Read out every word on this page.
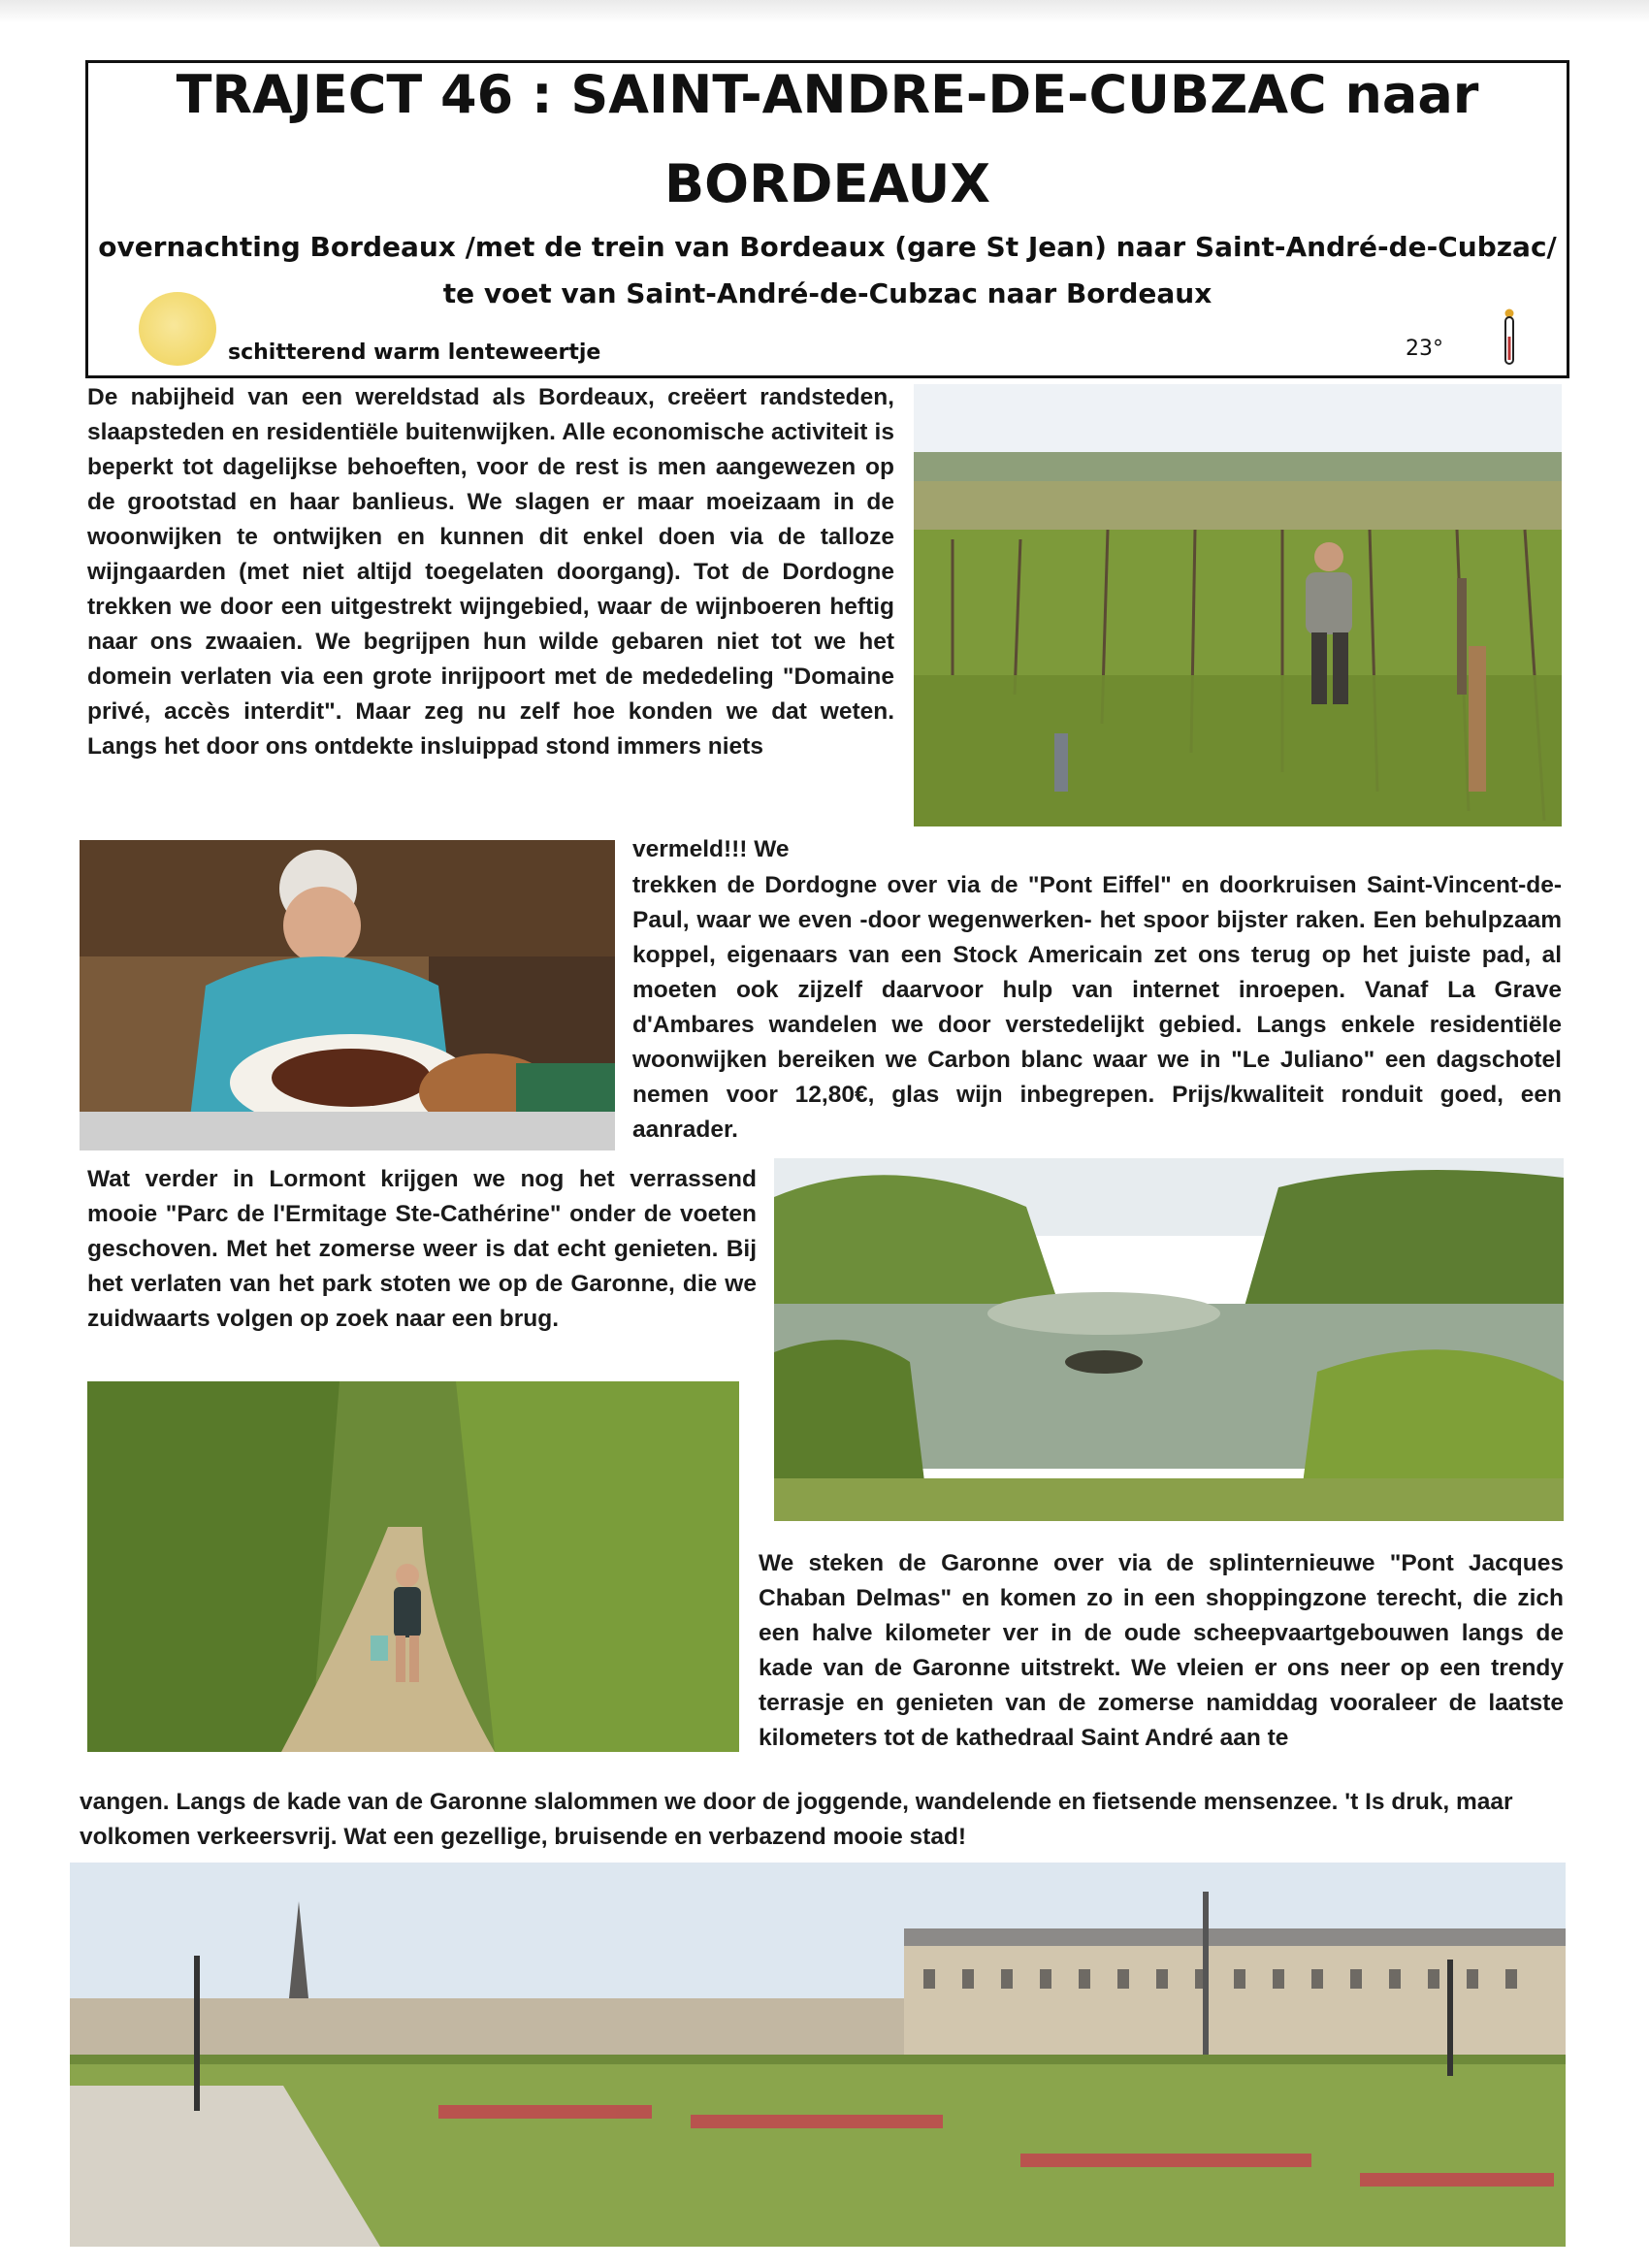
TRAJECT 46 : SAINT-ANDRE-DE-CUBZAC naar
BORDEAUX
overnachting Bordeaux /met de trein van Bordeaux (gare St Jean) naar Saint-André-de-Cubzac/
te voet van Saint-André-de-Cubzac naar Bordeaux
schitterend warm lenteweertje	23°
De nabijheid van een wereldstad als Bordeaux, creëert randsteden, slaapsteden en residentiële buitenwijken. Alle economische activiteit is beperkt tot dagelijkse behoeften, voor de rest is men aangewezen op de grootstad en haar banlieus. We slagen er maar moeizaam in de woonwijken te ontwijken en kunnen dit enkel doen via de talloze wijngaarden (met niet altijd toegelaten doorgang). Tot de Dordogne trekken we door een uitgestrekt wijngebied, waar de wijnboeren heftig naar ons zwaaien. We begrijpen hun wilde gebaren niet tot we het domein verlaten via een grote inrijpoort met de mededeling "Domaine privé, accès interdit". Maar zeg nu zelf hoe konden we dat weten. Langs het door ons ontdekte insluippad stond immers niets
vermeld!!! We
trekken de Dordogne over via de "Pont Eiffel" en doorkruisen Saint-Vincent-de-Paul, waar we even -door wegenwerken- het spoor bijster raken. Een behulpzaam koppel, eigenaars van een Stock Americain zet ons terug op het juiste pad, al moeten ook zijzelf daarvoor hulp van internet inroepen. Vanaf La Grave d'Ambares wandelen we door verstedelijkt gebied. Langs enkele residentiële woonwijken bereiken we Carbon blanc waar we in "Le Juliano" een dagschotel nemen voor 12,80€, glas wijn inbegrepen. Prijs/kwaliteit ronduit goed, een aanrader.
Wat verder in Lormont krijgen we nog het verrassend mooie "Parc de l'Ermitage Ste-Cathérine" onder de voeten geschoven. Met het zomerse weer is dat echt genieten. Bij het verlaten van het park stoten we op de Garonne, die we zuidwaarts volgen op zoek naar een brug.
We steken de Garonne over via de splinternieuwe "Pont Jacques Chaban Delmas" en komen zo in een shoppingzone terecht, die zich een halve kilometer ver in de oude scheepvaartgebouwen langs de kade van de Garonne uitstrekt. We vleien er ons neer op een trendy terrasje en genieten van de zomerse namiddag vooraleer de laatste kilometers tot de kathedraal Saint André aan te
vangen. Langs de kade van de Garonne slalommen we door de joggende, wandelende en fietsende mensenzee. 't Is druk, maar volkomen verkeersvrij. Wat een gezellige, bruisende en verbazend mooie stad!
